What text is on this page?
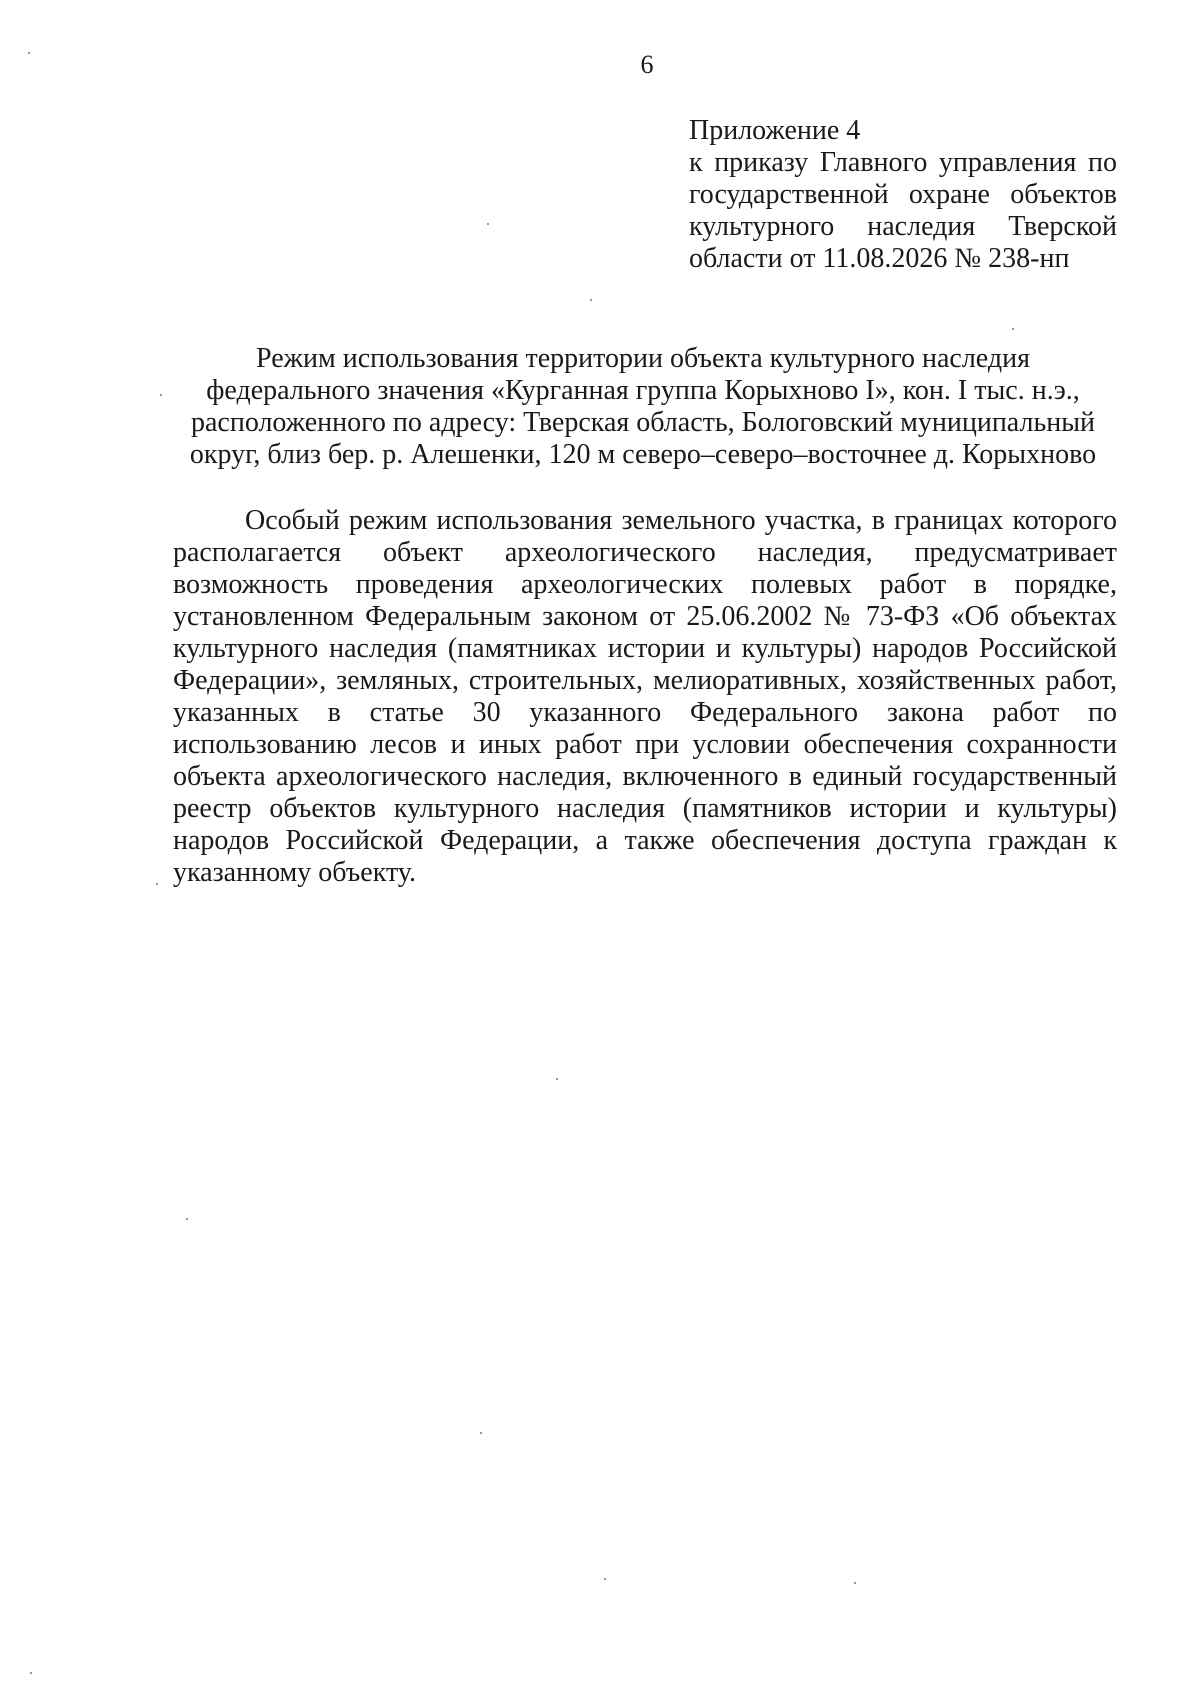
6
Приложение 4
к приказу Главного управления по
государственной охране объектов
культурного наследия Тверской
области от 11.08.2026 № 238-нп
Режим использования территории объекта культурного наследия
федерального значения «Курганная группа Корыхново I», кон. I тыс. н.э.,
расположенного по адресу: Тверская область, Бологовский муниципальный
округ, близ бер. р. Алешенки, 120 м северо–северо–восточнее д. Корыхново
Особый режим использования земельного участка, в границах которого
располагается объект археологического наследия, предусматривает
возможность проведения археологических полевых работ в порядке,
установленном Федеральным законом от 25.06.2002 № 73-ФЗ «Об объектах
культурного наследия (памятниках истории и культуры) народов Российской
Федерации», земляных, строительных, мелиоративных, хозяйственных работ,
указанных в статье 30 указанного Федерального закона работ по
использованию лесов и иных работ при условии обеспечения сохранности
объекта археологического наследия, включенного в единый государственный
реестр объектов культурного наследия (памятников истории и культуры)
народов Российской Федерации, а также обеспечения доступа граждан к
указанному объекту.
